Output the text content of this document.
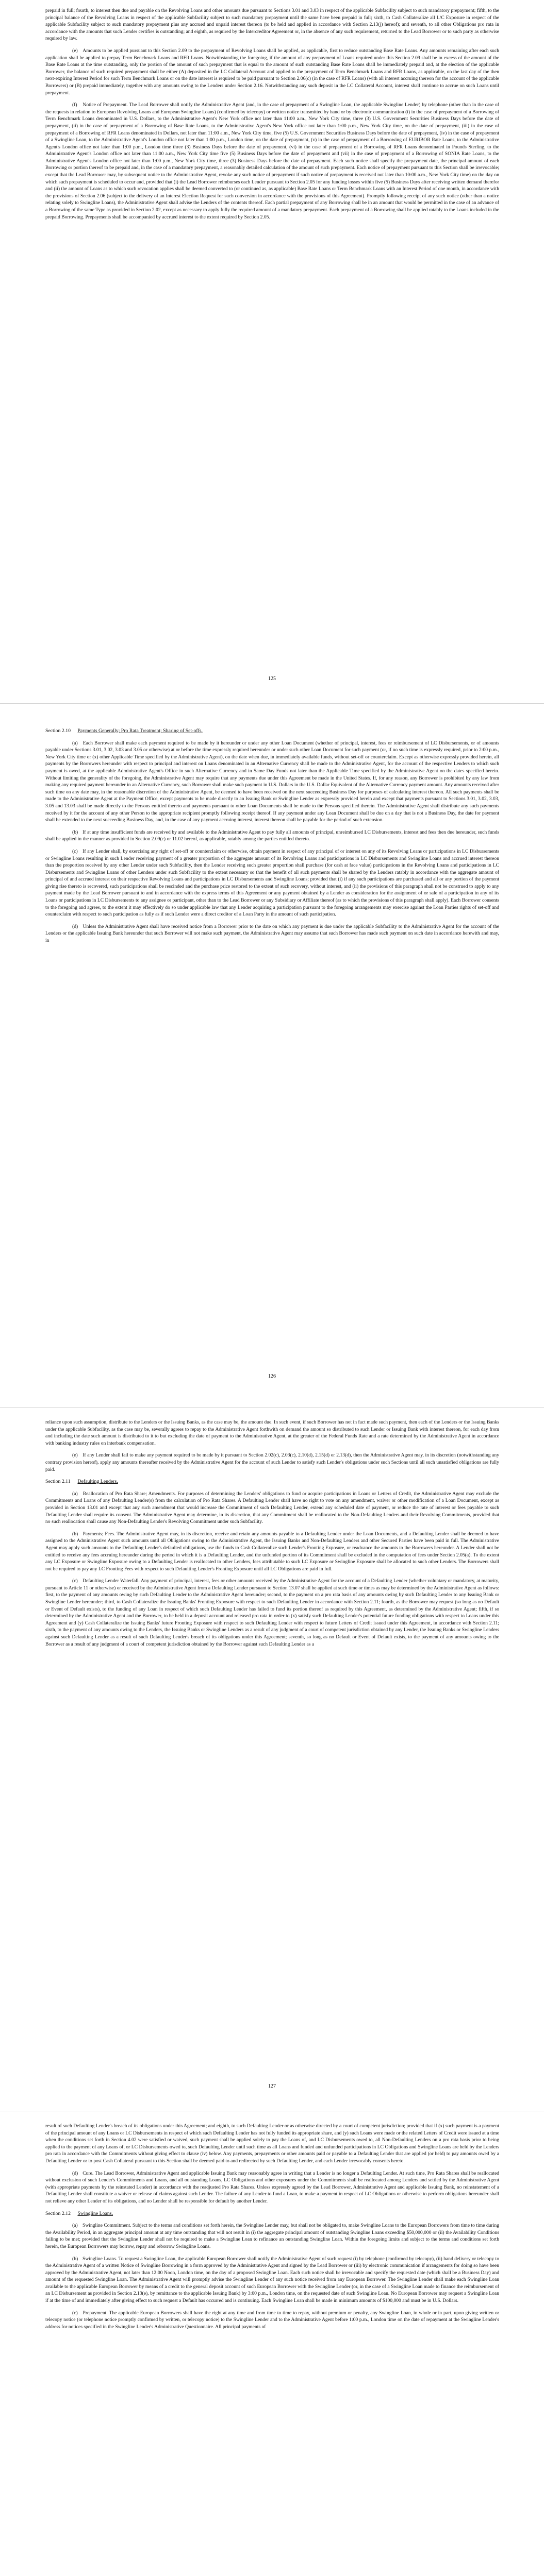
prepaid in full; fourth, to interest then due and payable on the Revolving Loans and other amounts due pursuant to Sections 3.01 and 3.03 in respect of the applicable Subfacility subject to such mandatory prepayment; fifth, to the principal balance of the Revolving Loans in respect of the applicable Subfacility subject to such mandatory prepayment until the same have been prepaid in full; sixth, to Cash Collateralize all L/C Exposure in respect of the applicable Subfacility subject to such mandatory prepayment plus any accrued and unpaid interest thereon (to be held and applied in accordance with Section 2.13(j) hereof); and seventh, to all other Obligations pro rata in accordance with the amounts that such Lender certifies is outstanding; and eighth, as required by the Intercreditor Agreement or, in the absence of any such requirement, returned to the Lead Borrower or to such party as otherwise required by law.

(e)	Amounts to be applied pursuant to this Section 2.09 to the prepayment of Revolving Loans shall be applied, as applicable, first to reduce outstanding Base Rate Loans. Any amounts remaining after each such application shall be applied to prepay Term Benchmark Loans and RFR Loans. Notwithstanding the foregoing, if the amount of any prepayment of Loans required under this Section 2.09 shall be in excess of the amount of the Base Rate Loans at the time outstanding, only the portion of the amount of such prepayment that is equal to the amount of such outstanding Base Rate Loans shall be immediately prepaid and, at the election of the applicable Borrower, the balance of such required prepayment shall be either (A) deposited in the LC Collateral Account and applied to the prepayment of Term Benchmark Loans and RFR Loans, as applicable, on the last day of the then next-expiring Interest Period for such Term Benchmark Loans or on the date interest is required to be paid pursuant to Section 2.06(c) (in the case of RFR Loans) (with all interest accruing thereon for the account of the applicable Borrowers) or (B) prepaid immediately, together with any amounts owing to the Lenders under Section 2.16. Notwithstanding any such deposit in the LC Collateral Account, interest shall continue to accrue on such Loans until prepayment.

(f)	Notice of Prepayment. The Lead Borrower shall notify the Administrative Agent (and, in the case of prepayment of a Swingline Loan, the applicable Swingline Lender) by telephone (other than in the case of the requests in relation to European Revolving Loans and European Swingline Loans) (confirmed by telecopy) or written notice transmitted by hand or by electronic communication (i) in the case of prepayment of a Borrowing of Term Benchmark Loans denominated in U.S. Dollars, to the Administrative Agent's New York office not later than 11:00 a.m., New York City time, three (3) U.S. Government Securities Business Days before the date of prepayment, (ii) in the case of prepayment of a Borrowing of Base Rate Loans, to the Administrative Agent's New York office not later than 1:00 p.m., New York City time, on the date of prepayment, (iii) in the case of prepayment of a Borrowing of RFR Loans denominated in Dollars, not later than 11:00 a.m., New York City time, five (5) U.S. Government Securities Business Days before the date of prepayment, (iv) in the case of prepayment of a Swingline Loan, to the Administrative Agent's London office not later than 1:00 p.m., London time, on the date of prepayment, (v) in the case of prepayment of a Borrowing of EURIBOR Rate Loans, to the Administrative Agent's London office not later than 1:00 p.m., London time three (3) Business Days before the date of prepayment, (vi) in the case of prepayment of a Borrowing of RFR Loans denominated in Pounds Sterling, to the Administrative Agent's London office not later than 11:00 a.m., New York City time five (5) Business Days before the date of prepayment and (vii) in the case of prepayment of a Borrowing of SONIA Rate Loans, to the Administrative Agent's London office not later than 1:00 p.m., New York City time, three (3) Business Days before the date of prepayment. Each such notice shall specify the prepayment date, the principal amount of each Borrowing or portion thereof to be prepaid and, in the case of a mandatory prepayment, a reasonably detailed calculation of the amount of such prepayment. Each notice of prepayment pursuant to this Section shall be irrevocable; except that the Lead Borrower may, by subsequent notice to the Administrative Agent, revoke any such notice of prepayment if such notice of prepayment is received not later than 10:00 a.m., New York City time) on the day on which such prepayment is scheduled to occur and, provided that (i) the Lead Borrower reimburses each Lender pursuant to Section 2.05 for any funding losses within five (5) Business Days after receiving written demand therefor and (ii) the amount of Loans as to which such revocation applies shall be deemed converted to (or continued as, as applicable) Base Rate Loans or Term Benchmark Loans with an Interest Period of one month, in accordance with the provisions of Section 2.06 (subject to the delivery of an Interest Election Request for such conversion in accordance with the provisions of this Agreement). Promptly following receipt of any such notice (other than a notice relating solely to Swingline Loans), the Administrative Agent shall advise the Lenders of the contents thereof. Each partial prepayment of any Borrowing shall be in an amount that would be permitted in the case of an advance of a Borrowing of the same Type as provided in Section 2.02, except as necessary to apply fully the required amount of a mandatory prepayment. Each prepayment of a Borrowing shall be applied ratably to the Loans included in the prepaid Borrowing. Prepayments shall be accompanied by accrued interest to the extent required by Section 2.05.

125
Section 2.10 Payments Generally; Pro Rata Treatment; Sharing of Set-offs.

(a)	Each Borrower shall make each payment required to be made by it hereunder or under any other Loan Document (whether of principal, interest, fees or reimbursement of LC Disbursements, or of amounts payable under Sections 3.01, 3.02, 3.03 and 3.05 or otherwise) at or before the time expressly required hereunder or under such other Loan Document for such payment (or, if no such time is expressly required, prior to 2:00 p.m., New York City time or (x) other Applicable Time specified by the Administrative Agent), on the date when due, in immediately available funds, without set-off or counterclaim. Except as otherwise expressly provided herein, all payments by the Borrowers hereunder with respect to principal and interest on Loans denominated in an Alternative Currency shall be made to the Administrative Agent, for the account of the respective Lenders to which such payment is owed, at the applicable Administrative Agent's Office in such Alternative Currency and in Same Day Funds not later than the Applicable Time specified by the Administrative Agent on the dates specified herein. Without limiting the generality of the foregoing, the Administrative Agent may require that any payments due under this Agreement be made in the United States. If, for any reason, any Borrower is prohibited by any law from making any required payment hereunder in an Alternative Currency, such Borrower shall make such payment in U.S. Dollars in the U.S. Dollar Equivalent of the Alternative Currency payment amount. Any amounts received after such time on any date may, in the reasonable discretion of the Administrative Agent, be deemed to have been received on the next succeeding Business Day for purposes of calculating interest thereon. All such payments shall be made to the Administrative Agent at the Payment Office, except payments to be made directly to an Issuing Bank or Swingline Lender as expressly provided herein and except that payments pursuant to Sections 3.01, 3.02, 3.03, 3.05 and 13.03 shall be made directly to the Persons entitled thereto and payments pursuant to other Loan Documents shall be made to the Persons specified therein. The Administrative Agent shall distribute any such payments received by it for the account of any other Person to the appropriate recipient promptly following receipt thereof. If any payment under any Loan Document shall be due on a day that is not a Business Day, the date for payment shall be extended to the next succeeding Business Day, and, in the case of any payment accruing interest, interest thereon shall be payable for the period of such extension.

(b)	If at any time insufficient funds are received by and available to the Administrative Agent to pay fully all amounts of principal, unreimbursed LC Disbursements, interest and fees then due hereunder, such funds shall be applied in the manner as provided in Section 2.09(c) or 11.02 hereof, as applicable, ratably among the parties entitled thereto.

(c)	If any Lender shall, by exercising any right of set-off or counterclaim or otherwise, obtain payment in respect of any principal of or interest on any of its Revolving Loans or participations in LC Disbursements or Swingline Loans resulting in such Lender receiving payment of a greater proportion of the aggregate amount of its Revolving Loans and participations in LC Disbursements and Swingline Loans and accrued interest thereon than the proportion received by any other Lender under such Subfacility, then the Lender receiving such greater proportion shall purchase (for cash at face value) participations in the Revolving Loans and participations in LC Disbursements and Swingline Loans of other Lenders under such Subfacility to the extent necessary so that the benefit of all such payments shall be shared by the Lenders ratably in accordance with the aggregate amount of principal of and accrued interest on their respective Revolving Loans and participations in LC Disbursements and Swingline Loans; provided that (i) if any such participations are purchased and all or any portion of the payment giving rise thereto is recovered, such participations shall be rescinded and the purchase price restored to the extent of such recovery, without interest, and (ii) the provisions of this paragraph shall not be construed to apply to any payment made by the Lead Borrower pursuant to and in accordance with the express terms of this Agreement or any payment obtained by a Lender as consideration for the assignment of or sale of a participation in any of its Loans or participations in LC Disbursements to any assignee or participant, other than to the Lead Borrower or any Subsidiary or Affiliate thereof (as to which the provisions of this paragraph shall apply). Each Borrower consents to the foregoing and agrees, to the extent it may effectively do so under applicable law that any Lender acquiring a participation pursuant to the foregoing arrangements may exercise against the Loan Parties rights of set-off and counterclaim with respect to such participation as fully as if such Lender were a direct creditor of a Loan Party in the amount of such participation.

(d)	Unless the Administrative Agent shall have received notice from a Borrower prior to the date on which any payment is due under the applicable Subfacility to the Administrative Agent for the account of the Lenders or the applicable Issuing Bank hereunder that such Borrower will not make such payment, the Administrative Agent may assume that such Borrower has made such payment on such date in accordance herewith and may, in

126

reliance upon such assumption, distribute to the Lenders or the Issuing Banks, as the case may be, the amount due. In such event, if such Borrower has not in fact made such payment, then each of the Lenders or the Issuing Banks under the applicable Subfacility, as the case may be, severally agrees to repay to the Administrative Agent forthwith on demand the amount so distributed to such Lender or Issuing Bank with interest thereon, for each day from and including the date such amount is distributed to it to but excluding the date of payment to the Administrative Agent, at the greater of the Federal Funds Rate and a rate determined by the Administrative Agent in accordance with banking industry rules on interbank compensation.

(e)	If any Lender shall fail to make any payment required to be made by it pursuant to Section 2.02(c), 2.03(c), 2.10(d), 2.15(d) or 2.13(d), then the Administrative Agent may, in its discretion (notwithstanding any contrary provision hereof), apply any amounts thereafter received by the Administrative Agent for the account of such Lender to satisfy such Lender's obligations under such Sections until all such unsatisfied obligations are fully paid.

Section 2.11 Defaulting Lenders.

(a)	Reallocation of Pro Rata Share; Amendments. For purposes of determining the Lenders' obligations to fund or acquire participations in Loans or Letters of Credit, the Administrative Agent may exclude the Commitments and Loans of any Defaulting Lender(s) from the calculation of Pro Rata Shares. A Defaulting Lender shall have no right to vote on any amendment, waiver or other modification of a Loan Document, except as provided in Section 13.01 and except that any such amendment that would increase the Commitment of such Defaulting Lender, extend any scheduled date of payment, or reduce the rate of interest or fees payable to such Defaulting Lender shall require its consent. The Administrative Agent may determine, in its discretion, that any Commitment shall be reallocated to the Non-Defaulting Lenders and their Revolving Commitments, provided that no such reallocation shall cause any Non-Defaulting Lender's Revolving Commitment under such Subfacility.

(b)	Payments; Fees. The Administrative Agent may, in its discretion, receive and retain any amounts payable to a Defaulting Lender under the Loan Documents, and a Defaulting Lender shall be deemed to have assigned to the Administrative Agent such amounts until all Obligations owing to the Administrative Agent, the Issuing Banks and Non-Defaulting Lenders and other Secured Parties have been paid in full. The Administrative Agent may apply such amounts to the Defaulting Lender's defaulted obligations, use the funds to Cash Collateralize such Lender's Fronting Exposure, or readvance the amounts to the Borrowers hereunder. A Lender shall not be entitled to receive any fees accruing hereunder during the period in which it is a Defaulting Lender, and the unfunded portion of its Commitment shall be excluded in the computation of fees under Section 2.05(a). To the extent any LC Exposure or Swingline Exposure owing to a Defaulting Lender is reallocated to other Lenders, fees attributable to such LC Exposure or Swingline Exposure shall be allocated to such other Lenders. The Borrowers shall not be required to pay any LC Fronting Fees with respect to such Defaulting Lender's Fronting Exposure until all LC Obligations are paid in full.

(c)	Defaulting Lender Waterfall. Any payment of principal, interest, fees or other amounts received by the Administrative Agent for the account of a Defaulting Lender (whether voluntary or mandatory, at maturity, pursuant to Article 11 or otherwise) or received by the Administrative Agent from a Defaulting Lender pursuant to Section 13.07 shall be applied at such time or times as may be determined by the Administrative Agent as follows: first, to the payment of any amounts owing by such Defaulting Lender to the Administrative Agent hereunder; second, to the payment on a pro rata basis of any amounts owing by such Defaulting Lender to any Issuing Bank or Swingline Lender hereunder; third, to Cash Collateralize the Issuing Banks' Fronting Exposure with respect to such Defaulting Lender in accordance with Section 2.11; fourth, as the Borrower may request (so long as no Default or Event of Default exists), to the funding of any Loan in respect of which such Defaulting Lender has failed to fund its portion thereof as required by this Agreement, as determined by the Administrative Agent; fifth, if so determined by the Administrative Agent and the Borrower, to be held in a deposit account and released pro rata in order to (x) satisfy such Defaulting Lender's potential future funding obligations with respect to Loans under this Agreement and (y) Cash Collateralize the Issuing Banks' future Fronting Exposure with respect to such Defaulting Lender with respect to future Letters of Credit issued under this Agreement, in accordance with Section 2.11; sixth, to the payment of any amounts owing to the Lenders, the Issuing Banks or Swingline Lenders as a result of any judgment of a court of competent jurisdiction obtained by any Lender, the Issuing Banks or Swingline Lenders against such Defaulting Lender as a result of such Defaulting Lender's breach of its obligations under this Agreement; seventh, so long as no Default or Event of Default exists, to the payment of any amounts owing to the Borrower as a result of any judgment of a court of competent jurisdiction obtained by the Borrower against such Defaulting Lender as a

127

result of such Defaulting Lender's breach of its obligations under this Agreement; and eighth, to such Defaulting Lender or as otherwise directed by a court of competent jurisdiction; provided that if (x) such payment is a payment of the principal amount of any Loans or LC Disbursements in respect of which such Defaulting Lender has not fully funded its appropriate share, and (y) such Loans were made or the related Letters of Credit were issued at a time when the conditions set forth in Section 4.02 were satisfied or waived, such payment shall be applied solely to pay the Loans of, and LC Disbursements owed to, all Non-Defaulting Lenders on a pro rata basis prior to being applied to the payment of any Loans of, or LC Disbursements owed to, such Defaulting Lender until such time as all Loans and funded and unfunded participations in LC Obligations and Swingline Loans are held by the Lenders pro rata in accordance with the Commitments without giving effect to clause (iv) below. Any payments, prepayments or other amounts paid or payable to a Defaulting Lender that are applied (or held) to pay amounts owed by a Defaulting Lender or to post Cash Collateral pursuant to this Section shall be deemed paid to and redirected by such Defaulting Lender, and each Lender irrevocably consents hereto.

(d)	Cure. The Lead Borrower, Administrative Agent and applicable Issuing Bank may reasonably agree in writing that a Lender is no longer a Defaulting Lender. At such time, Pro Rata Shares shall be reallocated without exclusion of such Lender's Commitments and Loans, and all outstanding Loans, LC Obligations and other exposures under the Commitments shall be reallocated among Lenders and settled by the Administrative Agent (with appropriate payments by the reinstated Lender) in accordance with the readjusted Pro Rata Shares. Unless expressly agreed by the Lead Borrower, Administrative Agent and applicable Issuing Bank, no reinstatement of a Defaulting Lender shall constitute a waiver or release of claims against such Lender. The failure of any Lender to fund a Loan, to make a payment in respect of LC Obligations or otherwise to perform obligations hereunder shall not relieve any other Lender of its obligations, and no Lender shall be responsible for default by another Lender.

Section 2.12 Swingline Loans.

(a)	Swingline Commitment. Subject to the terms and conditions set forth herein, the Swingline Lender may, but shall not be obligated to, make Swingline Loans to the European Borrowers from time to time during the Availability Period, in an aggregate principal amount at any time outstanding that will not result in (i) the aggregate principal amount of outstanding Swingline Loans exceeding $50,000,000 or (ii) the Availability Conditions failing to be met; provided that the Swingline Lender shall not be required to make a Swingline Loan to refinance an outstanding Swingline Loan. Within the foregoing limits and subject to the terms and conditions set forth herein, the European Borrowers may borrow, repay and reborrow Swingline Loans.

(b)	Swingline Loans. To request a Swingline Loan, the applicable European Borrower shall notify the Administrative Agent of such request (i) by telephone (confirmed by telecopy), (ii) hand delivery or telecopy to the Administrative Agent of a written Notice of Swingline Borrowing in a form approved by the Administrative Agent and signed by the Lead Borrower or (iii) by electronic communication if arrangements for doing so have been approved by the Administrative Agent, not later than 12:00 Noon, London time, on the day of a proposed Swingline Loan. Each such notice shall be irrevocable and specify the requested date (which shall be a Business Day) and amount of the requested Swingline Loan. The Administrative Agent will promptly advise the Swingline Lender of any such notice received from any European Borrower. The Swingline Lender shall make each Swingline Loan available to the applicable European Borrower by means of a credit to the general deposit account of such European Borrower with the Swingline Lender (or, in the case of a Swingline Loan made to finance the reimbursement of an LC Disbursement as provided in Section 2.13(e), by remittance to the applicable Issuing Bank) by 3:00 p.m., London time, on the requested date of such Swingline Loan. No European Borrower may request a Swingline Loan if at the time of and immediately after giving effect to such request a Default has occurred and is continuing. Each Swingline Loan shall be made in minimum amounts of $100,000 and must be in U.S. Dollars.

(c)	Prepayment. The applicable European Borrowers shall have the right at any time and from time to time to repay, without premium or penalty, any Swingline Loan, in whole or in part, upon giving written or telecopy notice (or telephone notice promptly confirmed by written, or telecopy notice) to the Swingline Lender and to the Administrative Agent before 1:00 p.m., London time on the date of repayment at the Swingline Lender's address for notices specified in the Swingline Lender's Administrative Questionnaire. All principal payments of
